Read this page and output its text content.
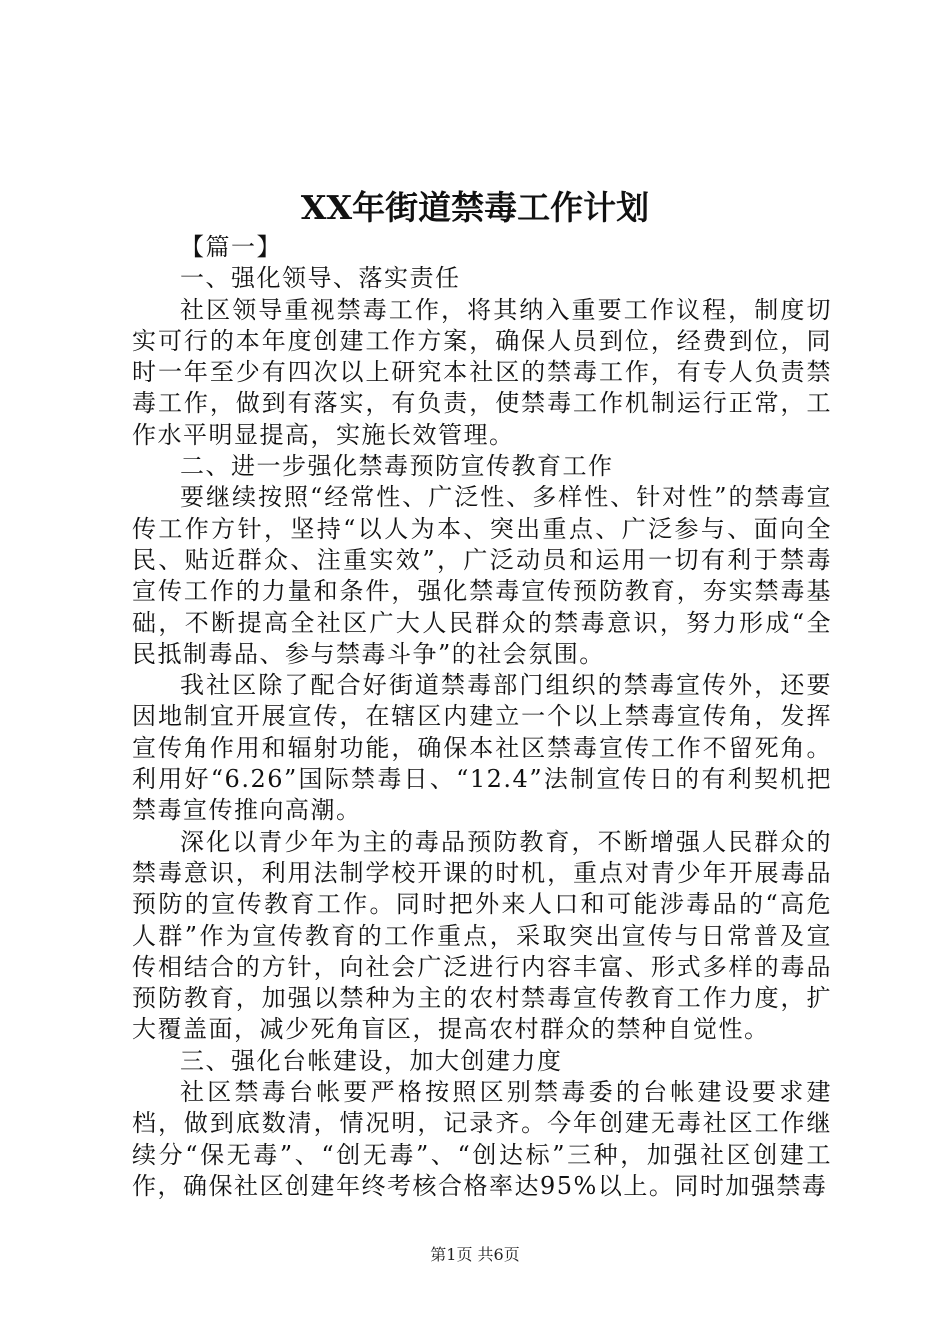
XX年街道禁毒工作计划

【篇一】

一、强化领导、落实责任

社区领导重视禁毒工作，将其纳入重要工作议程，制度切实可行的本年度创建工作方案，确保人员到位，经费到位，同时一年至少有四次以上研究本社区的禁毒工作，有专人负责禁毒工作，做到有落实，有负责，使禁毒工作机制运行正常，工作水平明显提高，实施长效管理。

二、进一步强化禁毒预防宣传教育工作

要继续按照“经常性、广泛性、多样性、针对性”的禁毒宣传工作方针，坚持“以人为本、突出重点、广泛参与、面向全民、贴近群众、注重实效”，广泛动员和运用一切有利于禁毒宣传工作的力量和条件，强化禁毒宣传预防教育，夯实禁毒基础，不断提高全社区广大人民群众的禁毒意识，努力形成“全民抵制毒品、参与禁毒斗争”的社会氛围。

我社区除了配合好街道禁毒部门组织的禁毒宣传外，还要因地制宜开展宣传，在辖区内建立一个以上禁毒宣传角，发挥宣传角作用和辐射功能，确保本社区禁毒宣传工作不留死角。利用好“6.26”国际禁毒日、“12.4”法制宣传日的有利契机把禁毒宣传推向高潮。

深化以青少年为主的毒品预防教育，不断增强人民群众的禁毒意识，利用法制学校开课的时机，重点对青少年开展毒品预防的宣传教育工作。同时把外来人口和可能涉毒品的“高危人群”作为宣传教育的工作重点，采取突出宣传与日常普及宣传相结合的方针，向社会广泛进行内容丰富、形式多样的毒品预防教育，加强以禁种为主的农村禁毒宣传教育工作力度，扩大覆盖面，减少死角盲区，提高农村群众的禁种自觉性。

三、强化台帐建设，加大创建力度

社区禁毒台帐要严格按照区别禁毒委的台帐建设要求建档，做到底数清，情况明，记录齐。今年创建无毒社区工作继续分“保无毒”、“创无毒”、“创达标”三种，加强社区创建工作，确保社区创建年终考核合格率达95%以上。同时加强禁毒

第1页 共6页
